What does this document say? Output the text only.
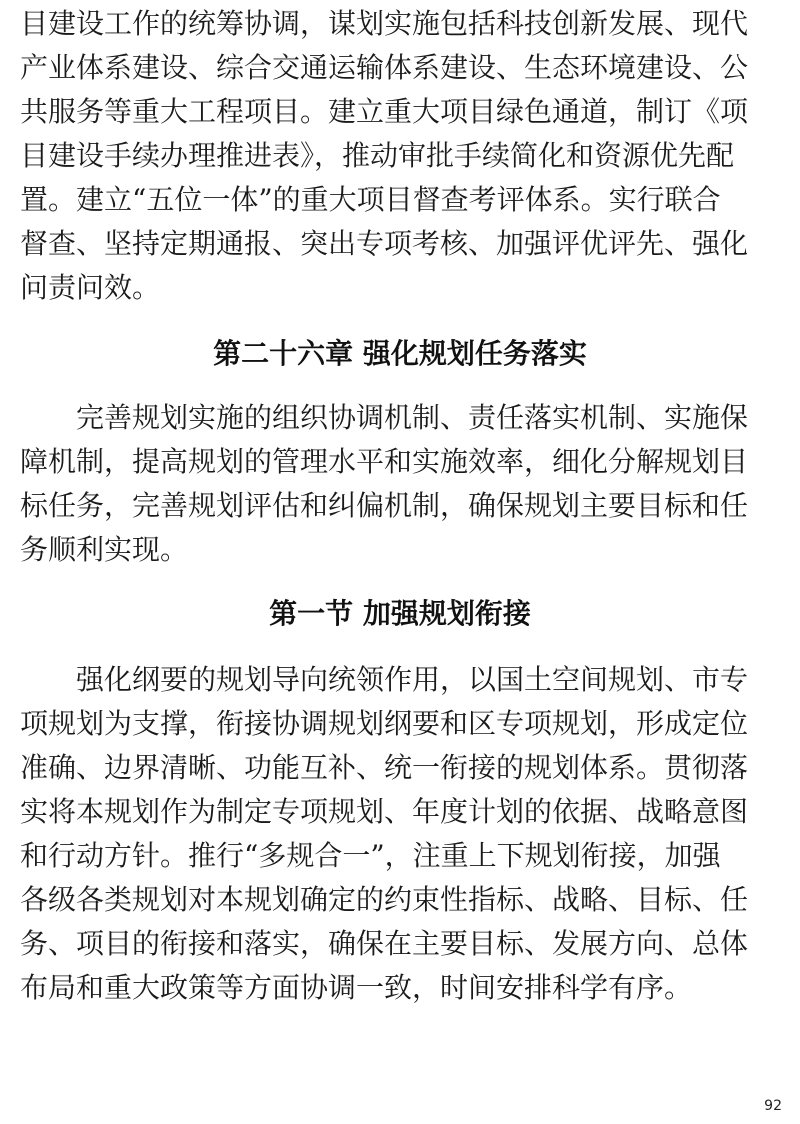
目建设工作的统筹协调，谋划实施包括科技创新发展、现代
产业体系建设、综合交通运输体系建设、生态环境建设、公
共服务等重大工程项目。建立重大项目绿色通道，制订《项
目建设手续办理推进表》，推动审批手续简化和资源优先配
置。建立“五位一体”的重大项目督查考评体系。实行联合
督查、坚持定期通报、突出专项考核、加强评优评先、强化
问责问效。
第二十六章 强化规划任务落实
　　完善规划实施的组织协调机制、责任落实机制、实施保
障机制，提高规划的管理水平和实施效率，细化分解规划目
标任务，完善规划评估和纠偏机制，确保规划主要目标和任
务顺利实现。
第一节 加强规划衔接
　　强化纲要的规划导向统领作用，以国土空间规划、市专
项规划为支撑，衔接协调规划纲要和区专项规划，形成定位
准确、边界清晰、功能互补、统一衔接的规划体系。贯彻落
实将本规划作为制定专项规划、年度计划的依据、战略意图
和行动方针。推行“多规合一”，注重上下规划衔接，加强
各级各类规划对本规划确定的约束性指标、战略、目标、任
务、项目的衔接和落实，确保在主要目标、发展方向、总体
布局和重大政策等方面协调一致，时间安排科学有序。
92
